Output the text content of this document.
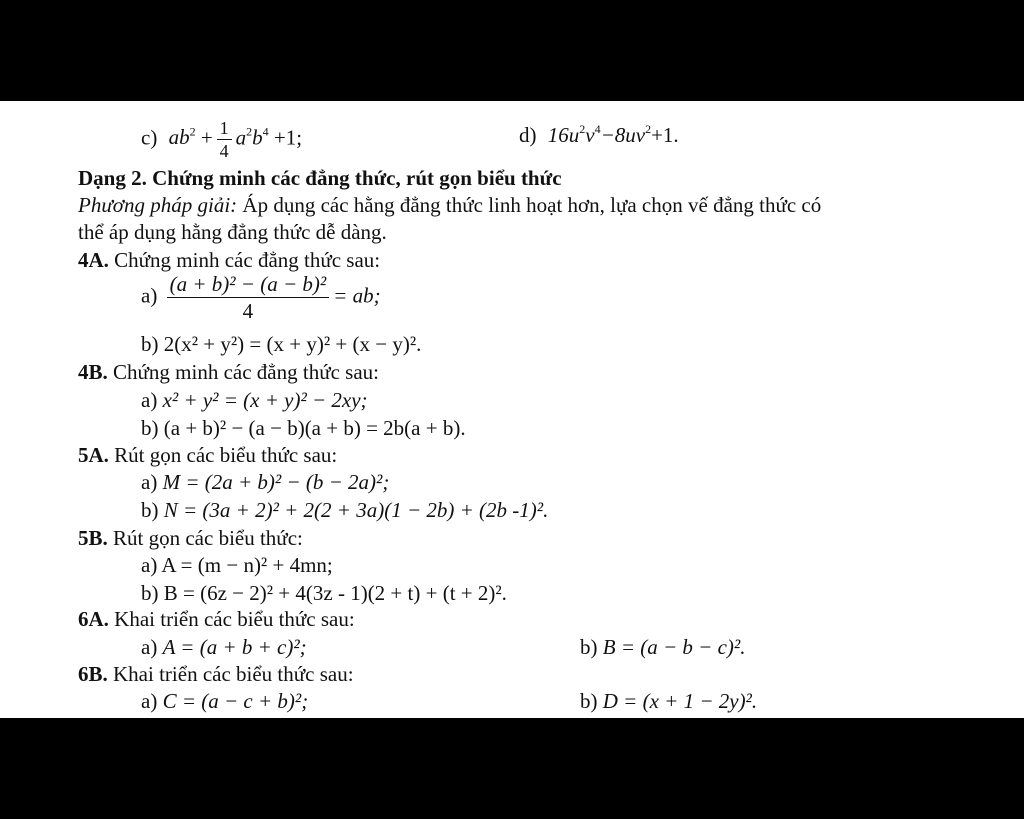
c) $ab^2 + \frac{1}{4} a^2b^4 +1$;	d) $16u^2v^4-8uv^2+1$.
Dạng 2. Chứng minh các đẳng thức, rút gọn biểu thức
Phương pháp giải: Áp dụng các hằng đẳng thức linh hoạt hơn, lựa chọn vế đẳng thức có
thể áp dụng hằng đẳng thức dễ dàng.
4A. Chứng minh các đẳng thức sau:
$a) \frac{\text{(a + b)² − (a − b)²}}{4}$ = ab;
b) 2(x² + y²) = (x + y)² + (x − y)².
4B. Chứng minh các đẳng thức sau:
a) x² + y² = (x + y)² − 2xy;
b) (a + b)² − (a − b)(a + b) = 2b(a + b).
5A. Rút gọn các biểu thức sau:
a) M = (2a + b)² − (b − 2a)²;
b) N = (3a + 2)² + 2(2 + 3a)(1 − 2b) + (2b -1)².
5B. Rút gọn các biểu thức:
a) A = (m − n)² + 4mn;
b) B = (6z − 2)² + 4(3z - 1)(2 + t) + (t + 2)².
6A. Khai triển các biểu thức sau:
a) A = (a + b + c)²;	b) B = (a − b − c)².
6B. Khai triển các biểu thức sau:
a) C = (a − c + b)²;	b) D = (x + 1 − 2y)².
